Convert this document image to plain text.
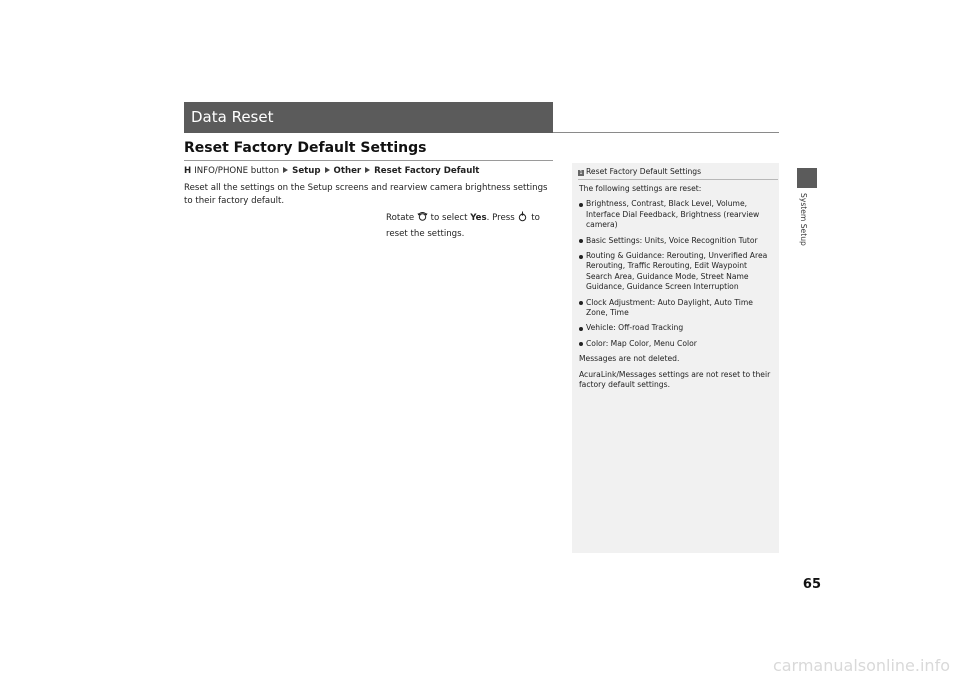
Data Reset
Reset Factory Default Settings
H INFO/PHONE button Setup Other Reset Factory Default

Reset all the settings on the Setup screens and rearview camera brightness settings to their factory default.

Rotate to select Yes. Press to
reset the settings.
1 Reset Factory Default Settings

The following settings are reset:

Brightness, Contrast, Black Level, Volume, Interface Dial Feedback, Brightness (rearview camera)
Basic Settings: Units, Voice Recognition Tutor
Routing & Guidance: Rerouting, Unverified Area Rerouting, Traffic Rerouting, Edit Waypoint Search Area, Guidance Mode, Street Name Guidance, Guidance Screen Interruption
Clock Adjustment: Auto Daylight, Auto Time Zone, Time
Vehicle: Off-road Tracking
Color: Map Color, Menu Color

Messages are not deleted.

AcuraLink/Messages settings are not reset to their factory default settings.

System Setup
65
carmanualsonline.info
